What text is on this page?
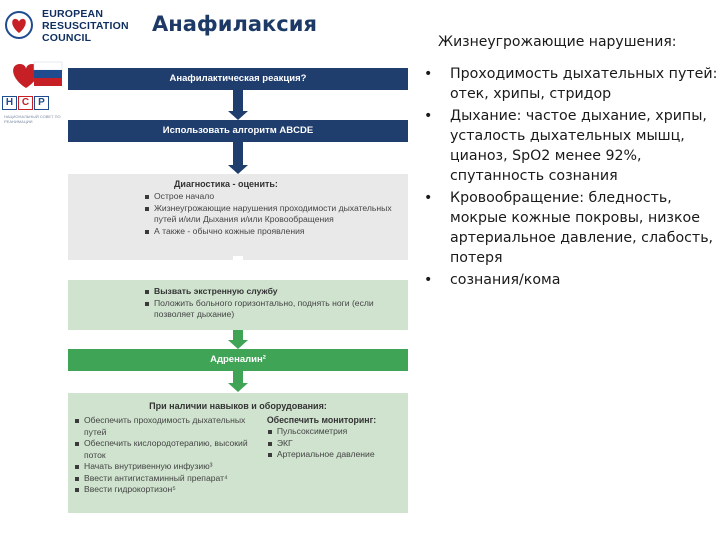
EUROPEAN
RESUSCITATION
COUNCIL
Анафилаксия
H C P
НАЦИОНАЛЬНЫЙ СОВЕТ ПО РЕАНИМАЦИИ
Анафилактическая реакция?
Использовать алгоритм ABCDE
Диагностика - оценить:
Острое начало
Жизнеугрожающие нарушения проходимости дыхательных путей и/или Дыхания и/или Кровообращения
А также - обычно кожные проявления
Вызвать экстренную службу
Положить больного горизонтально, поднять ноги (если позволяет дыхание)
Адреналин²
При наличии навыков и оборудования:
Обеспечить проходимость дыхательных путей
Обеспечить кислородотерапию, высокий поток
Начать внутривенную инфузию³
Ввести антигистаминный препарат⁴
Ввести гидрокортизон⁵
Обеспечить мониторинг:
Пульсоксиметрия
ЭКГ
Артериальное давление
Жизнеугрожающие нарушения:
• Проходимость дыхательных путей: отек, хрипы, стридор
• Дыхание: частое дыхание, хрипы, усталость дыхательных мышц, цианоз, SpO2 менее 92%, спутанность сознания
• Кровообращение: бледность, мокрые кожные покровы, низкое артериальное давление, слабость, потеря
• сознания/кома
